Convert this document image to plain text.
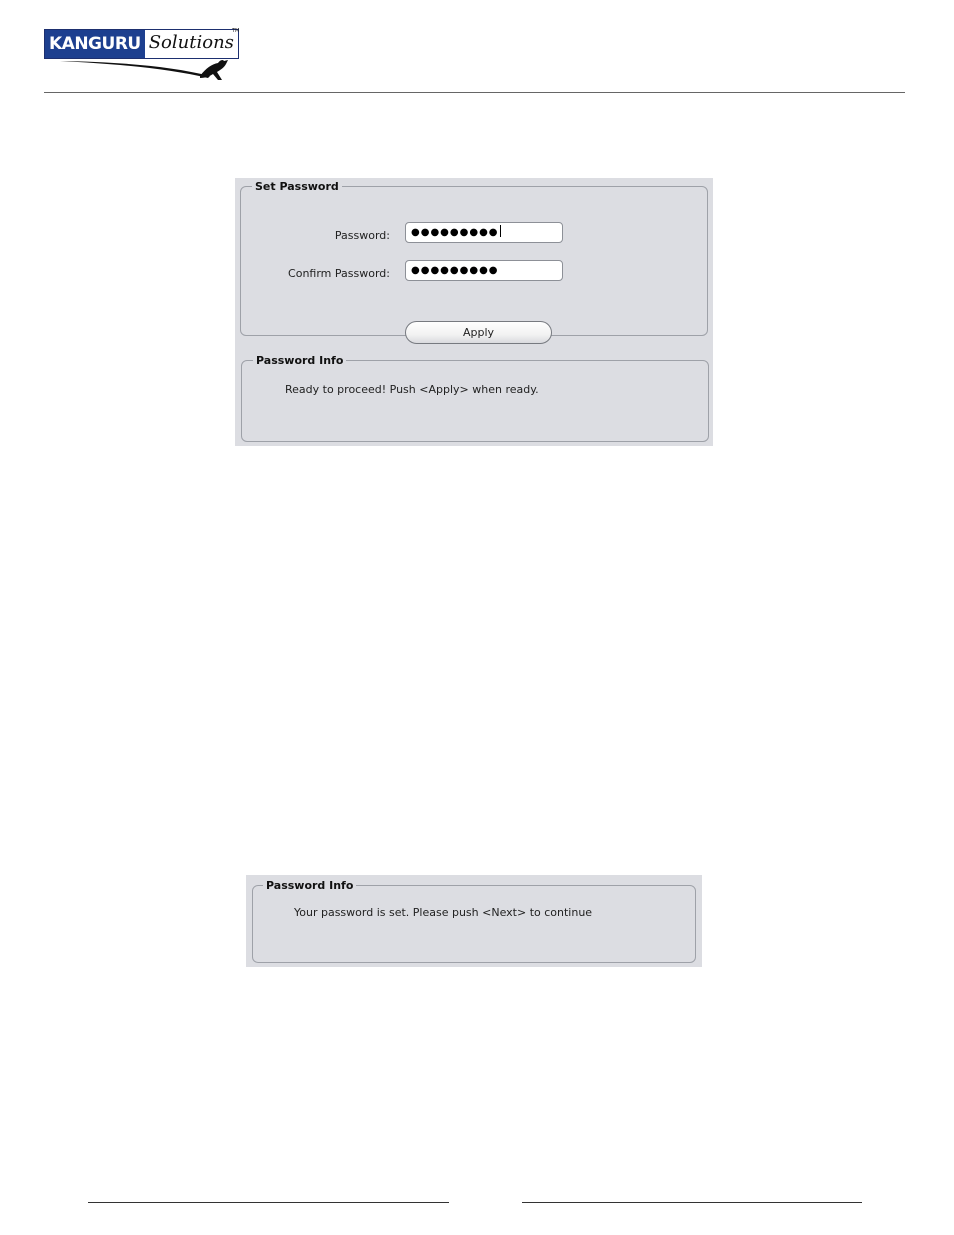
KANGURU Solutions
TM
Set Password
Password:	●●●●●●●●●
Confirm Password:	●●●●●●●●●
Apply
Password Info
Ready to proceed! Push <Apply> when ready.
Password Info
Your password is set. Please push <Next> to continue
